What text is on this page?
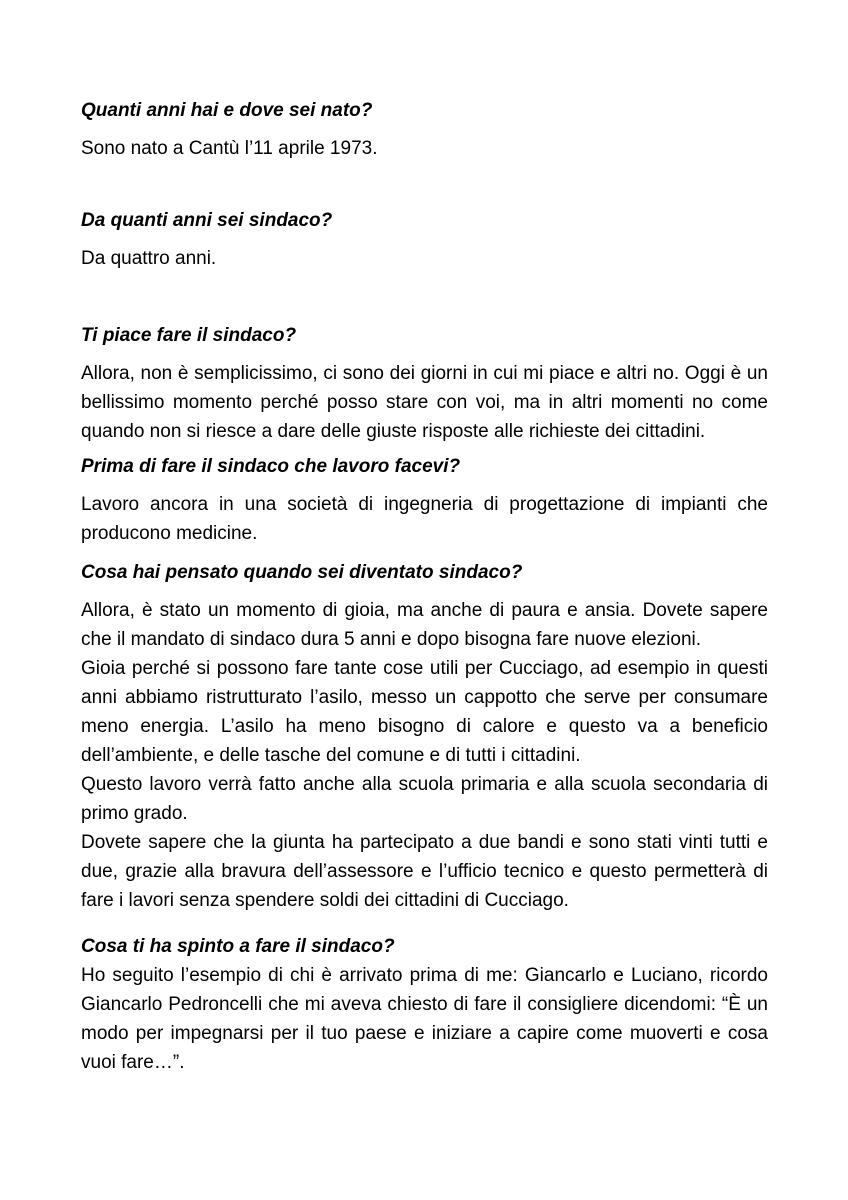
Quanti anni hai e dove sei nato?

Sono nato a Cantù l’11 aprile 1973.

Da quanti anni sei sindaco?

Da quattro anni.

Ti piace fare il sindaco?

Allora, non è semplicissimo, ci sono dei giorni in cui mi piace e altri no. Oggi è un bellissimo momento perché posso stare con voi, ma in altri momenti no come quando non si riesce a dare delle giuste risposte alle richieste dei cittadini.

Prima di fare il sindaco che lavoro facevi?

Lavoro ancora in una società di ingegneria di progettazione di impianti che producono medicine.

Cosa hai pensato quando sei diventato sindaco?

Allora, è stato un momento di gioia, ma anche di paura e ansia. Dovete sapere che il mandato di sindaco dura 5 anni e dopo bisogna fare nuove elezioni.

Gioia perché si possono fare tante cose utili per Cucciago, ad esempio in questi anni abbiamo ristrutturato l’asilo, messo un cappotto che serve per consumare meno energia. L’asilo ha meno bisogno di calore e questo va a beneficio dell’ambiente, e delle tasche del comune e di tutti i cittadini.

Questo lavoro verrà fatto anche alla scuola primaria e alla scuola secondaria di primo grado.

Dovete sapere che la giunta ha partecipato a due bandi e sono stati vinti tutti e due, grazie alla bravura dell’assessore e l’ufficio tecnico e questo permetterà di fare i lavori senza spendere soldi dei cittadini di Cucciago.

Cosa ti ha spinto a fare il sindaco?

Ho seguito l’esempio di chi è arrivato prima di me: Giancarlo e Luciano, ricordo Giancarlo Pedroncelli che mi aveva chiesto di fare il consigliere dicendomi: “È un modo per impegnarsi per il tuo paese e iniziare a capire come muoverti e cosa vuoi fare…”.
